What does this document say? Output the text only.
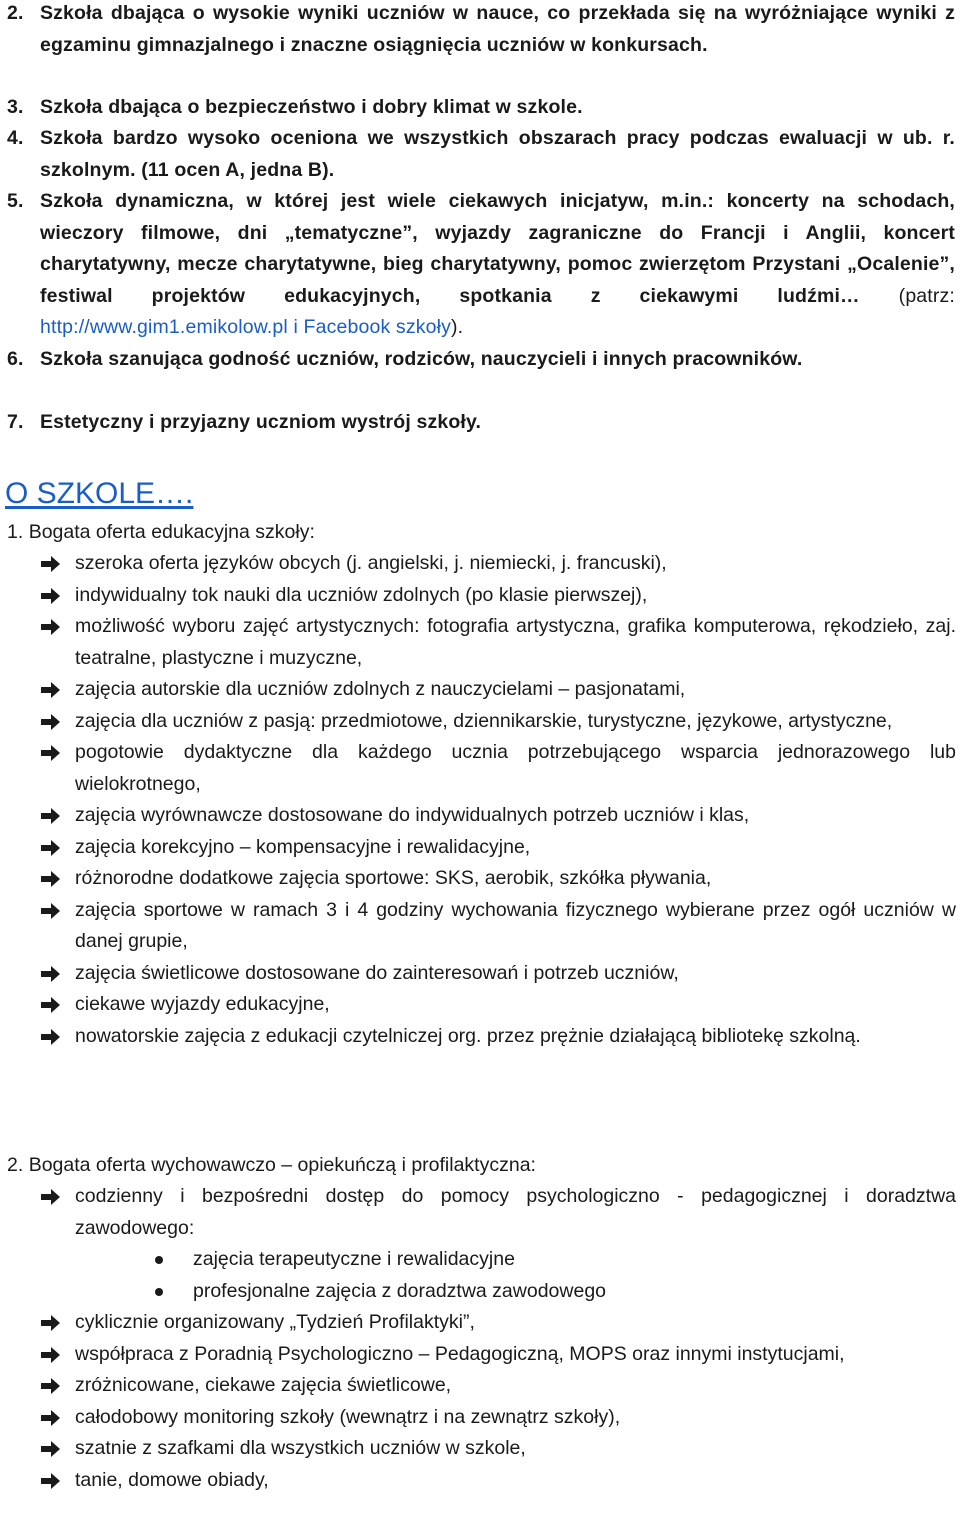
2. Szkoła dbająca o wysokie wyniki uczniów w nauce, co przekłada się na wyróżniające wyniki z egzaminu gimnazjalnego i znaczne osiągnięcia uczniów w konkursach.
3. Szkoła dbająca o bezpieczeństwo i dobry klimat w szkole.
4. Szkoła bardzo wysoko oceniona we wszystkich obszarach pracy podczas ewaluacji w ub. r. szkolnym. (11 ocen A, jedna B).
5. Szkoła dynamiczna, w której jest wiele ciekawych inicjatyw, m.in.: koncerty na schodach, wieczory filmowe, dni „tematyczne”, wyjazdy zagraniczne do Francji i Anglii, koncert charytatywny, mecze charytatywne, bieg charytatywny, pomoc zwierzętom Przystani „Ocalenie”, festiwal projektów edukacyjnych, spotkania z ciekawymi ludźmi… (patrz: http://www.gim1.emikolow.pl i Facebook szkoły).
6. Szkoła szanująca godność uczniów, rodziców, nauczycieli i innych pracowników.
7. Estetyczny i przyjazny uczniom wystrój szkoły.
O SZKOLE….
1. Bogata oferta edukacyjna szkoły:
szeroka oferta języków obcych (j. angielski, j. niemiecki, j. francuski),
indywidualny tok nauki dla uczniów zdolnych (po klasie pierwszej),
możliwość wyboru zajęć artystycznych: fotografia artystyczna, grafika komputerowa, rękodzieło, zaj. teatralne, plastyczne i muzyczne,
zajęcia autorskie dla uczniów zdolnych z nauczycielami – pasjonatami,
zajęcia dla uczniów z pasją: przedmiotowe, dziennikarskie, turystyczne, językowe, artystyczne,
pogotowie dydaktyczne dla każdego ucznia potrzebującego wsparcia jednorazowego lub wielokrotnego,
zajęcia wyrównawcze dostosowane do indywidualnych potrzeb uczniów i klas,
zajęcia korekcyjno – kompensacyjne i rewalidacyjne,
różnorodne dodatkowe zajęcia sportowe: SKS, aerobik, szkółka pływania,
zajęcia sportowe w ramach 3 i 4 godziny wychowania fizycznego wybierane przez ogół uczniów w danej grupie,
zajęcia świetlicowe dostosowane do zainteresowań i potrzeb uczniów,
ciekawe wyjazdy edukacyjne,
nowatorskie zajęcia z edukacji czytelniczej org. przez prężnie działającą bibliotekę szkolną.
2. Bogata oferta wychowawczo – opiekuńczą i profilaktyczna:
codzienny i bezpośredni dostęp do pomocy psychologiczno - pedagogicznej i doradztwa zawodowego:
zajęcia terapeutyczne i rewalidacyjne
profesjonalne zajęcia z doradztwa zawodowego
cyklicznie organizowany „Tydzień Profilaktyki”,
współpraca z Poradnią Psychologiczno – Pedagogiczną, MOPS oraz innymi instytucjami,
zróżnicowane, ciekawe zajęcia świetlicowe,
całodobowy monitoring szkoły (wewnątrz i na zewnątrz szkoły),
szatnie z szafkami dla wszystkich uczniów w szkole,
tanie, domowe obiady,
